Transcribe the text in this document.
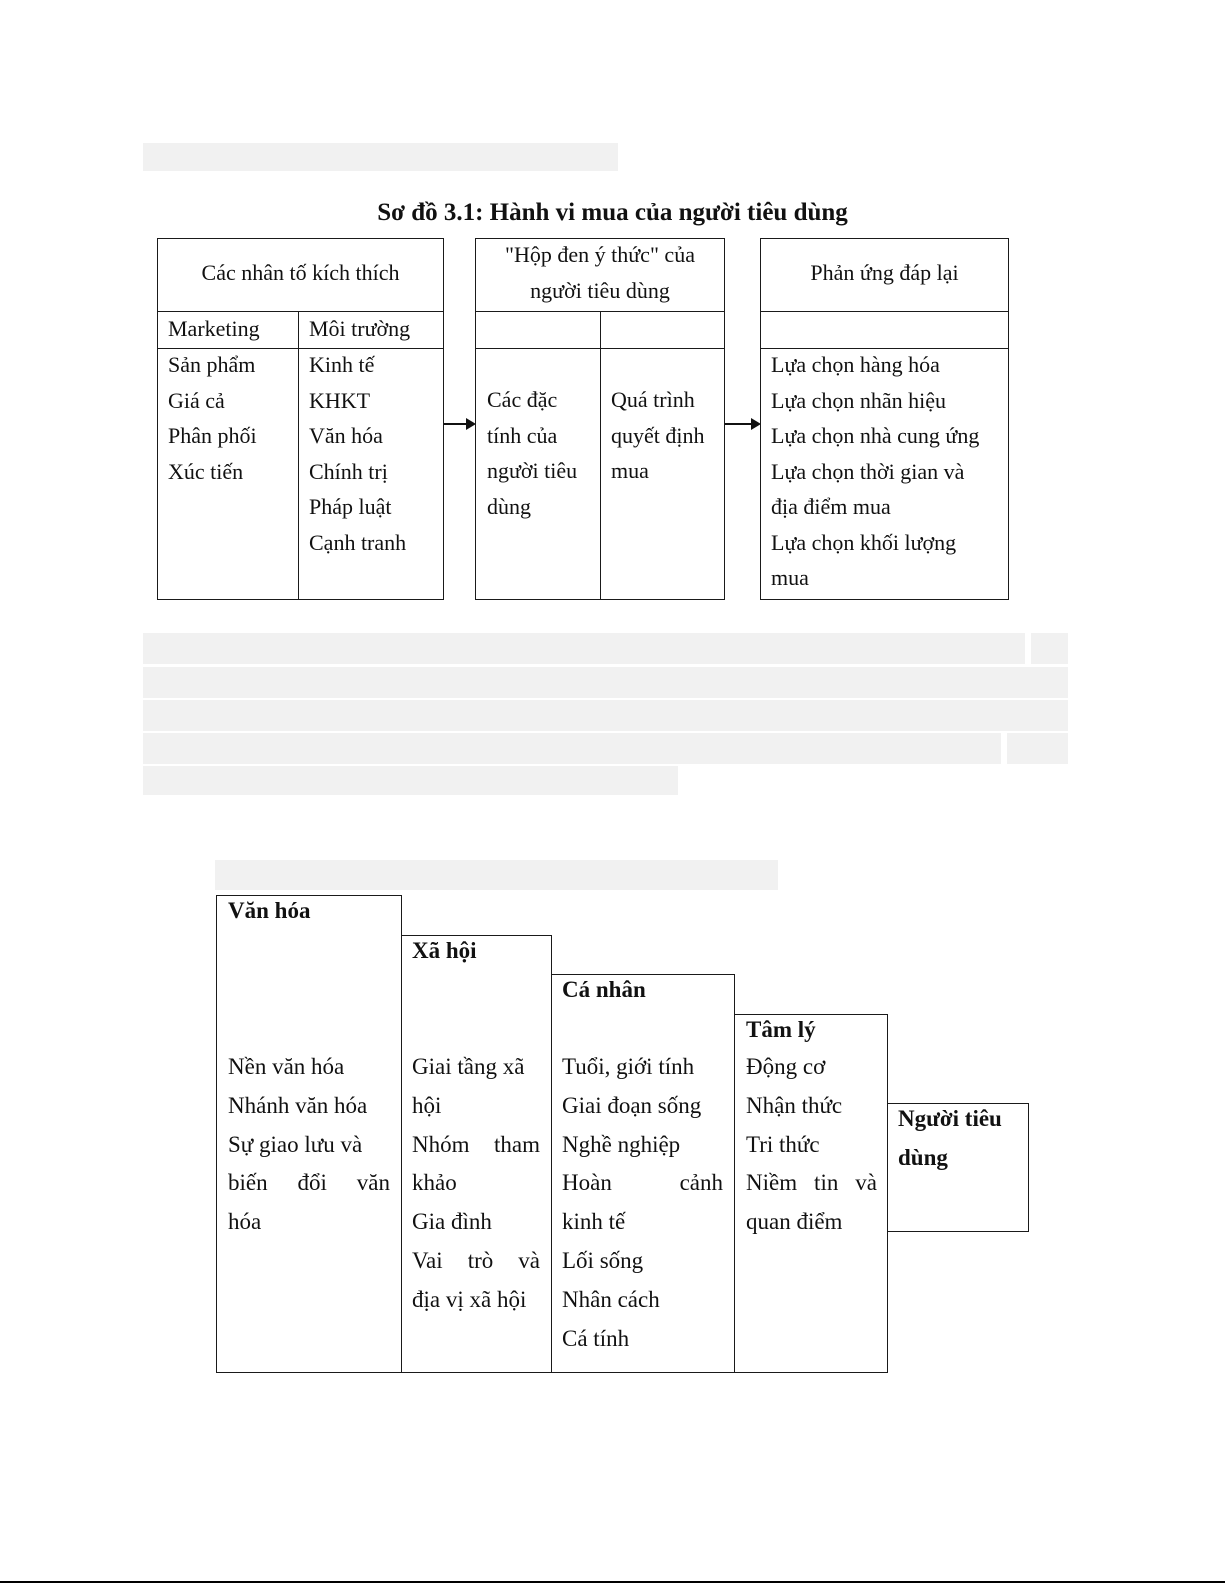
Sơ đồ 3.1: Hành vi mua của người tiêu dùng
Các nhân tố kích thích
Marketing Môi trường
Sản phẩm
Giá cả
Phân phối
Xúc tiến
Kinh tế
KHKT
Văn hóa
Chính trị
Pháp luật
Cạnh tranh
"Hộp đen ý thức" của
người tiêu dùng
Các đặc
tính của
người tiêu
dùng
Quá trình
quyết định
mua
Phản ứng đáp lại
Lựa chọn hàng hóa
Lựa chọn nhãn hiệu
Lựa chọn nhà cung ứng
Lựa chọn thời gian và
địa điểm mua
Lựa chọn khối lượng
mua
Văn hóa
Nền văn hóa
Nhánh văn hóa
Sự giao lưu và
biến đổi văn
hóa
Xã hội
Giai tầng xã
hội
Nhóm tham
khảo
Gia đình
Vai trò và
địa vị xã hội
Cá nhân
Tuổi, giới tính
Giai đoạn sống
Nghề nghiệp
Hoàn cảnh
kinh tế
Lối sống
Nhân cách
Cá tính
Tâm lý
Động cơ
Nhận thức
Tri thức
Niềm tin và
quan điểm
Người tiêu
dùng
